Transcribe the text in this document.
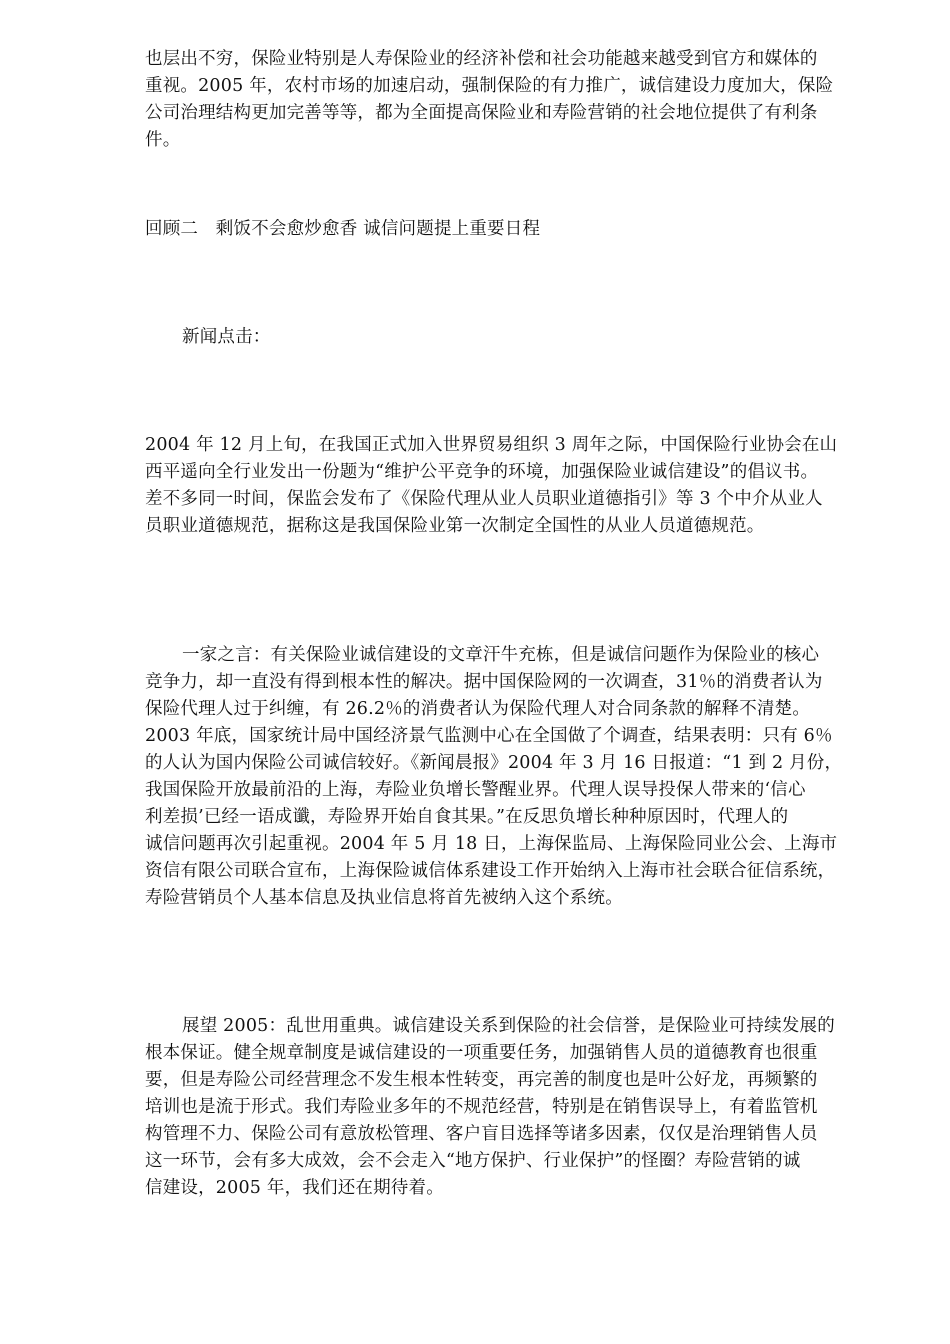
也层出不穷，保险业特别是人寿保险业的经济补偿和社会功能越来越受到官方和媒体的
重视。2005 年，农村市场的加速启动，强制保险的有力推广，诚信建设力度加大，保险
公司治理结构更加完善等等，都为全面提高保险业和寿险营销的社会地位提供了有利条
件。

回顾二　剩饭不会愈炒愈香 诚信问题提上重要日程

新闻点击：

2004 年 12 月上旬，在我国正式加入世界贸易组织 3 周年之际，中国保险行业协会在山
西平遥向全行业发出一份题为“维护公平竞争的环境，加强保险业诚信建设”的倡议书。
差不多同一时间，保监会发布了《保险代理从业人员职业道德指引》等 3 个中介从业人
员职业道德规范，据称这是我国保险业第一次制定全国性的从业人员道德规范。

一家之言：有关保险业诚信建设的文章汗牛充栋，但是诚信问题作为保险业的核心
竞争力，却一直没有得到根本性的解决。据中国保险网的一次调查，31％的消费者认为
保险代理人过于纠缠，有 26.2％的消费者认为保险代理人对合同条款的解释不清楚。
2003 年底，国家统计局中国经济景气监测中心在全国做了个调查，结果表明：只有 6％
的人认为国内保险公司诚信较好。《新闻晨报》2004 年 3 月 16 日报道：“1 到 2 月份，
我国保险开放最前沿的上海，寿险业负增长警醒业界。代理人误导投保人带来的‘信心
利差损’已经一语成谶，寿险界开始自食其果。”在反思负增长种种原因时，代理人的
诚信问题再次引起重视。2004 年 5 月 18 日，上海保监局、上海保险同业公会、上海市
资信有限公司联合宣布，上海保险诚信体系建设工作开始纳入上海市社会联合征信系统，
寿险营销员个人基本信息及执业信息将首先被纳入这个系统。

展望 2005：乱世用重典。诚信建设关系到保险的社会信誉，是保险业可持续发展的
根本保证。健全规章制度是诚信建设的一项重要任务，加强销售人员的道德教育也很重
要，但是寿险公司经营理念不发生根本性转变，再完善的制度也是叶公好龙，再频繁的
培训也是流于形式。我们寿险业多年的不规范经营，特别是在销售误导上，有着监管机
构管理不力、保险公司有意放松管理、客户盲目选择等诸多因素，仅仅是治理销售人员
这一环节，会有多大成效，会不会走入“地方保护、行业保护”的怪圈？寿险营销的诚
信建设，2005 年，我们还在期待着。
